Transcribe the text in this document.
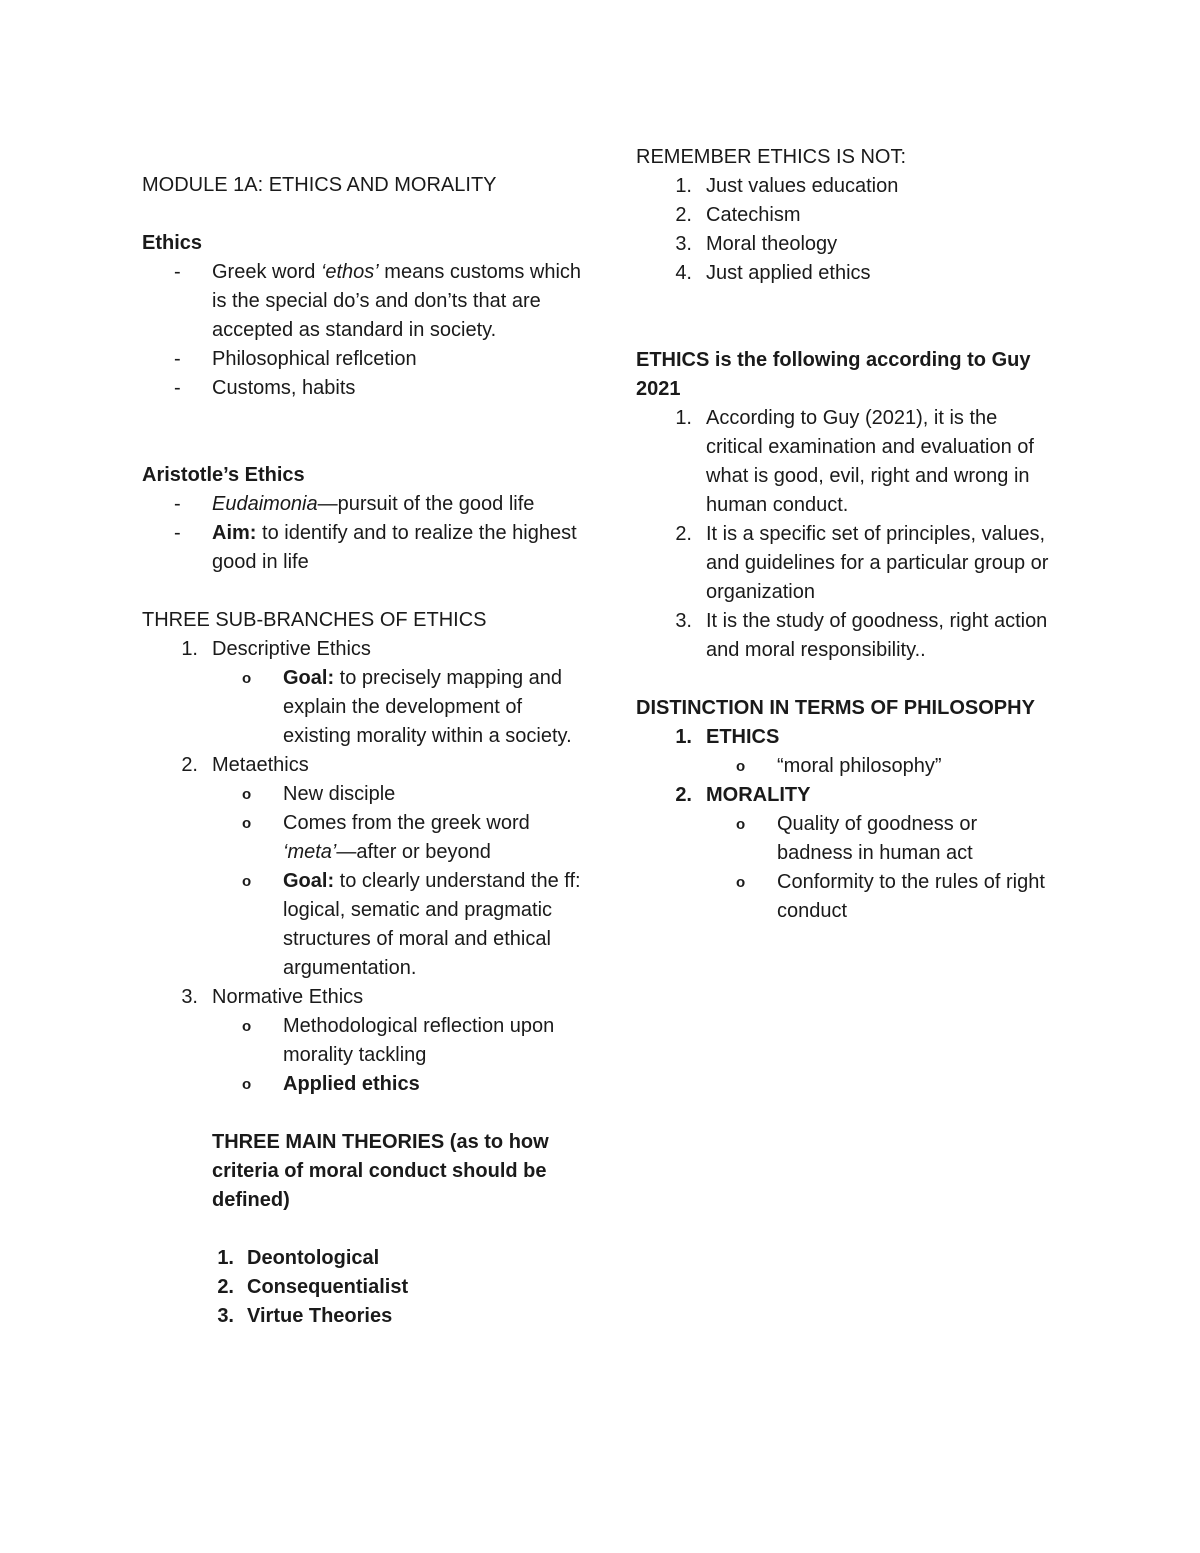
MODULE 1A: ETHICS AND MORALITY

Ethics

-	Greek word ‘ethos’ means customs which is the special do’s and don’ts that are accepted as standard in society.
-	Philosophical reflcetion
-	Customs, habits

Aristotle’s Ethics

-	Eudaimonia—pursuit of the good life
-	Aim: to identify and to realize the highest good in life

THREE SUB-BRANCHES OF ETHICS

1. Descriptive Ethics
o	Goal: to precisely mapping and explain the development of existing morality within a society.
2. Metaethics
o	New disciple
o	Comes from the greek word ‘meta’—after or beyond
o	Goal: to clearly understand the ff: logical, sematic and pragmatic structures of moral and ethical argumentation.
3. Normative Ethics
o	Methodological reflection upon morality tackling
o	Applied ethics

THREE MAIN THEORIES (as to how criteria of moral conduct should be defined)

1. Deontological
2. Consequentialist
3. Virtue Theories

REMEMBER ETHICS IS NOT:

1. Just values education
2. Catechism
3. Moral theology
4. Just applied ethics

ETHICS is the following according to Guy 2021

1. According to Guy (2021), it is the critical examination and evaluation of what is good, evil, right and wrong in human conduct.
2. It is a specific set of principles, values, and guidelines for a particular group or organization
3. It is the study of goodness, right action and moral responsibility..

DISTINCTION IN TERMS OF PHILOSOPHY

1. ETHICS
o	“moral philosophy”
2. MORALITY
o	Quality of goodness or badness in human act
o	Conformity to the rules of right conduct
